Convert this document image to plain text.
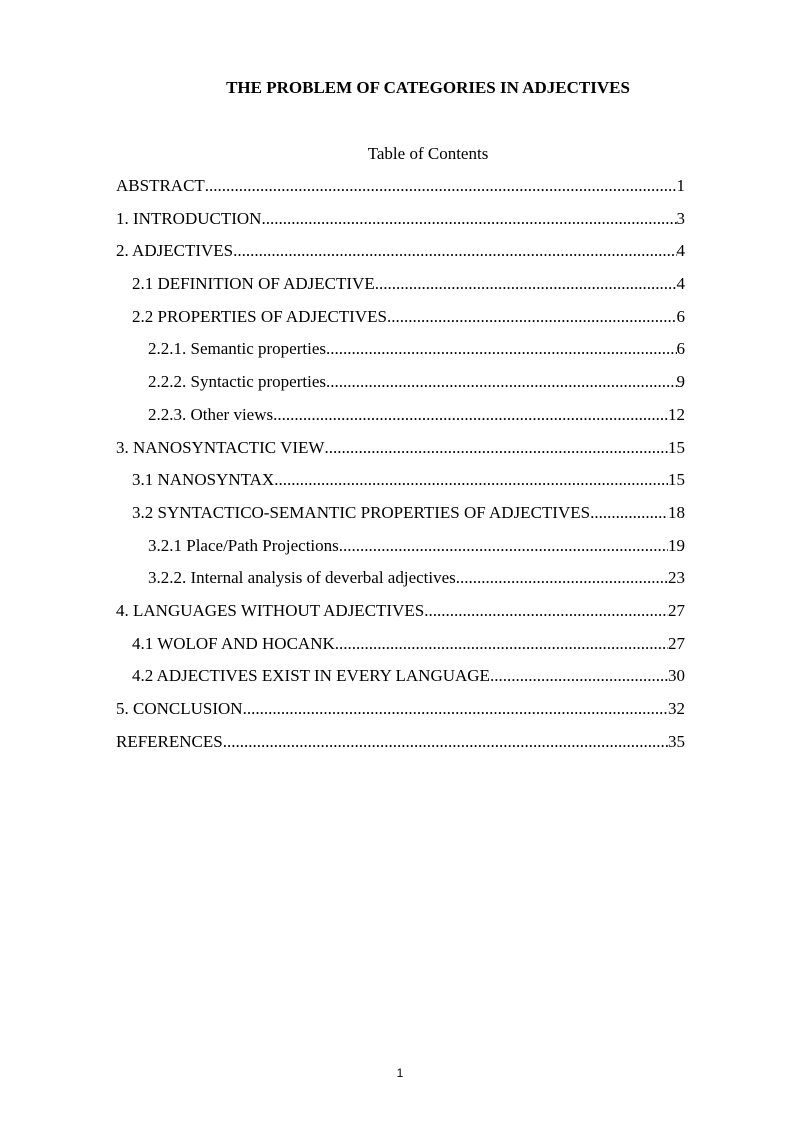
THE PROBLEM OF CATEGORIES IN ADJECTIVES
Table of Contents
ABSTRACT .....	1
1. INTRODUCTION .....	3
2. ADJECTIVES .....	4
2.1 DEFINITION OF ADJECTIVE .....	4
2.2 PROPERTIES OF ADJECTIVES .....	6
2.2.1. Semantic properties .....	6
2.2.2. Syntactic properties .....	9
2.2.3. Other views .....	12
3. NANOSYNTACTIC VIEW .....	15
3.1 NANOSYNTAX .....	15
3.2 SYNTACTICO-SEMANTIC PROPERTIES OF ADJECTIVES .....	18
3.2.1 Place/Path Projections .....	19
3.2.2. Internal analysis of deverbal adjectives .....	23
4. LANGUAGES WITHOUT ADJECTIVES .....	27
4.1 WOLOF AND HOCANK .....	27
4.2 ADJECTIVES EXIST IN EVERY LANGUAGE .....	30
5. CONCLUSION .....	32
REFERENCES .....	35
1
